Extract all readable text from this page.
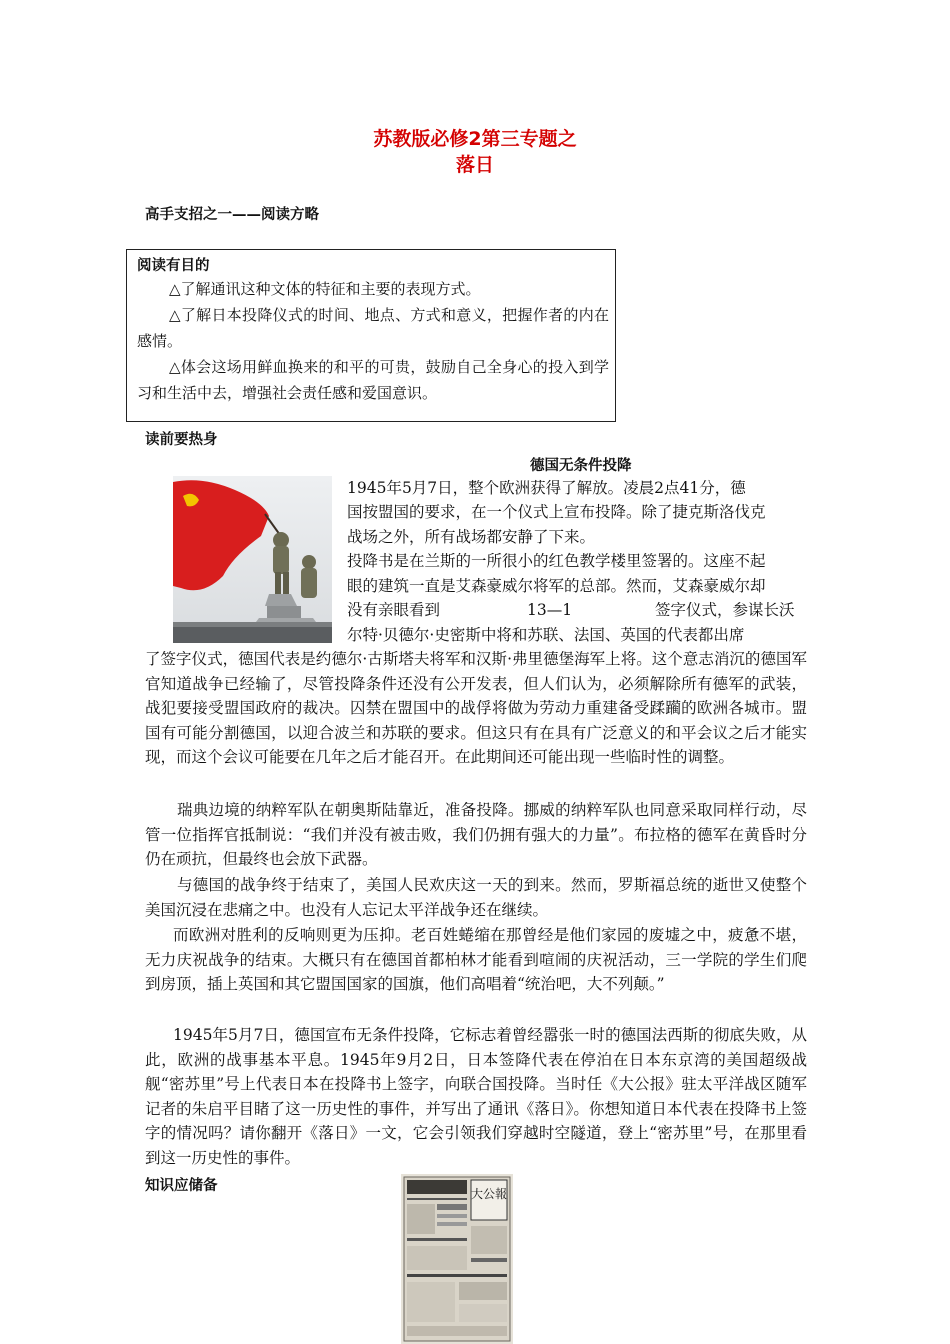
苏教版必修2第三专题之
落日
高手支招之一——阅读方略
阅读有目的
△了解通讯这种文体的特征和主要的表现方式。
△了解日本投降仪式的时间、地点、方式和意义，把握作者的内在感情。
△体会这场用鲜血换来的和平的可贵，鼓励自己全身心的投入到学习和生活中去，增强社会责任感和爱国意识。
读前要热身
德国无条件投降
1945年5月7日，整个欧洲获得了解放。凌晨2点41分，德
国按盟国的要求，在一个仪式上宣布投降。除了捷克斯洛伐克
战场之外，所有战场都安静了下来。
投降书是在兰斯的一所很小的红色教学楼里签署的。这座不起
眼的建筑一直是艾森豪威尔将军的总部。然而，艾森豪威尔却
没有亲眼看到	13—1	签字仪式，参谋长沃
尔特·贝德尔·史密斯中将和苏联、法国、英国的代表都出席
了签字仪式，德国代表是约德尔·古斯塔夫将军和汉斯·弗里德堡海军上将。这个意志消沉的德国军官知道战争已经输了，尽管投降条件还没有公开发表，但人们认为，必须解除所有德军的武装，战犯要接受盟国政府的裁决。囚禁在盟国中的战俘将做为劳动力重建备受蹂躏的欧洲各城市。盟国有可能分割德国，以迎合波兰和苏联的要求。但这只有在具有广泛意义的和平会议之后才能实现，而这个会议可能要在几年之后才能召开。在此期间还可能出现一些临时性的调整。
瑞典边境的纳粹军队在朝奥斯陆靠近，准备投降。挪威的纳粹军队也同意采取同样行动，尽管一位指挥官抵制说：“我们并没有被击败，我们仍拥有强大的力量”。布拉格的德军在黄昏时分仍在顽抗，但最终也会放下武器。
与德国的战争终于结束了，美国人民欢庆这一天的到来。然而，罗斯福总统的逝世又使整个美国沉浸在悲痛之中。也没有人忘记太平洋战争还在继续。
而欧洲对胜利的反响则更为压抑。老百姓蜷缩在那曾经是他们家园的废墟之中，疲惫不堪，无力庆祝战争的结束。大概只有在德国首都柏林才能看到喧闹的庆祝活动，三一学院的学生们爬到房顶，插上英国和其它盟国国家的国旗，他们高唱着“统治吧，大不列颠。”
1945年5月7日，德国宣布无条件投降，它标志着曾经嚣张一时的德国法西斯的彻底失败，从此，欧洲的战事基本平息。1945年9月2日，日本签降代表在停泊在日本东京湾的美国超级战舰“密苏里”号上代表日本在投降书上签字，向联合国投降。当时任《大公报》驻太平洋战区随军记者的朱启平目睹了这一历史性的事件，并写出了通讯《落日》。你想知道日本代表在投降书上签字的情况吗？请你翻开《落日》一文，它会引领我们穿越时空隧道，登上“密苏里”号，在那里看到这一历史性的事件。
知识应储备	大公報
